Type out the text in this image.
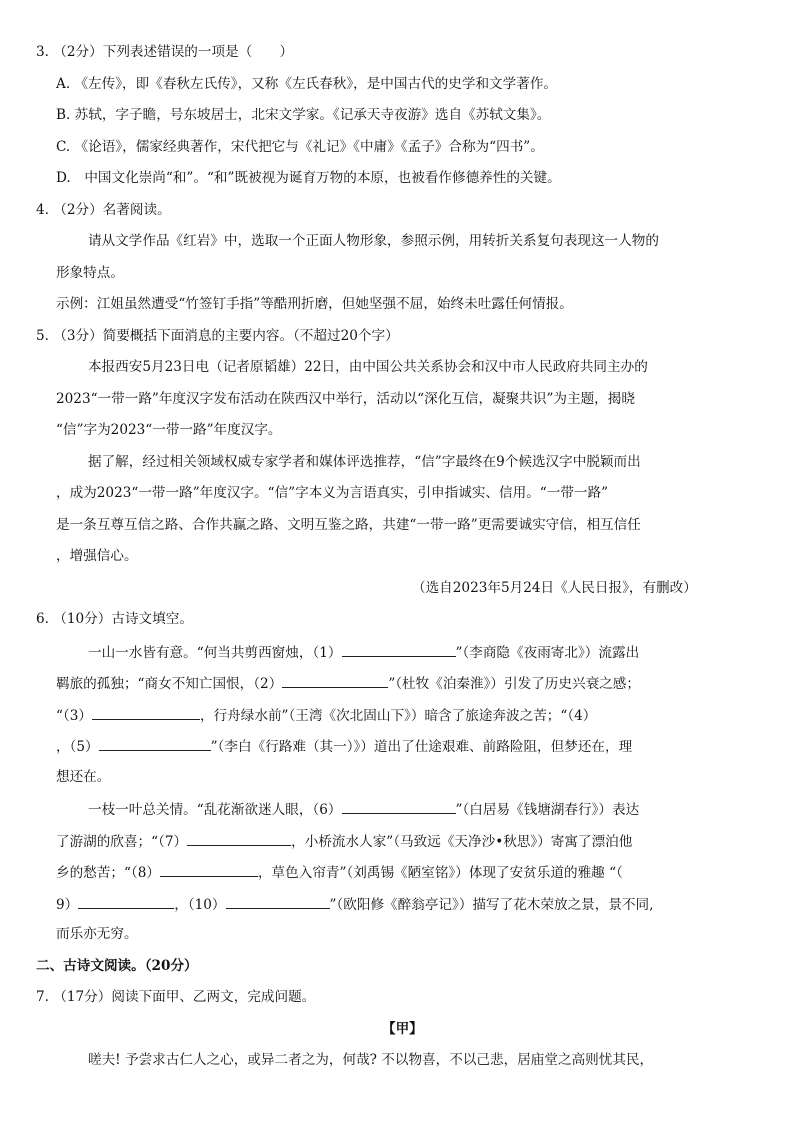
3. （2分）下列表述错误的一项是（　　）
A. 《左传》，即《春秋左氏传》，又称《左氏春秋》，是中国古代的史学和文学著作。
B. 苏轼，字子瞻，号东坡居士，北宋文学家。《记承天寺夜游》选自《苏轼文集》。
C. 《论语》，儒家经典著作，宋代把它与《礼记》《中庸》《孟子》合称为“四书”。
D.　中国文化崇尚“和”。“和”既被视为诞育万物的本原，也被看作修德养性的关键。
4. （2分）名著阅读。
请从文学作品《红岩》中，选取一个正面人物形象，参照示例，用转折关系复句表现这一人物的
形象特点。
示例：江姐虽然遭受“竹签钉手指”等酷刑折磨，但她坚强不屈，始终未吐露任何情报。
5. （3分）简要概括下面消息的主要内容。（不超过20个字）
本报西安5月23日电（记者原韬雄）22日，由中国公共关系协会和汉中市人民政府共同主办的
2023“一带一路”年度汉字发布活动在陕西汉中举行，活动以“深化互信，凝聚共识”为主题，揭晓
“信”字为2023“一带一路”年度汉字。
据了解，经过相关领域权威专家学者和媒体评选推荐，“信”字最终在9个候选汉字中脱颖而出
，成为2023“一带一路”年度汉字。“信”字本义为言语真实，引申指诚实、信用。“一带一路”
是一条互尊互信之路、合作共赢之路、文明互鉴之路，共建“一带一路”更需要诚实守信，相互信任
，增强信心。
（选自2023年5月24日《人民日报》，有删改）
6. （10分）古诗文填空。
一山一水皆有意。“何当共剪西窗烛，（1）	”（李商隐《夜雨寄北》）流露出
羁旅的孤独；“商女不知亡国恨，（2）	”（杜牧《泊秦淮》）引发了历史兴衰之感；
“（3）	，行舟绿水前”（王湾《次北固山下》）暗含了旅途奔波之苦；“（4）
，（5）	”（李白《行路难（其一）》）道出了仕途艰难、前路险阻，但梦还在，理
想还在。
一枝一叶总关情。“乱花渐欲迷人眼，（6）	”（白居易《钱塘湖春行》）表达
了游湖的欣喜；“（7）	，小桥流水人家”（马致远《天净沙•秋思》）寄寓了漂泊他
乡的愁苦；“（8）	，草色入帘青”（刘禹锡《陋室铭》）体现了安贫乐道的雅趣 “（
9）	，（10）	”（欧阳修《醉翁亭记》）描写了花木荣放之景，景不同,
而乐亦无穷。
二、古诗文阅读。（20分）
7. （17分）阅读下面甲、乙两文，完成问题。
【甲】
嗟夫! 予尝求古仁人之心，或异二者之为，何哉? 不以物喜，不以己悲，居庙堂之高则忧其民，
